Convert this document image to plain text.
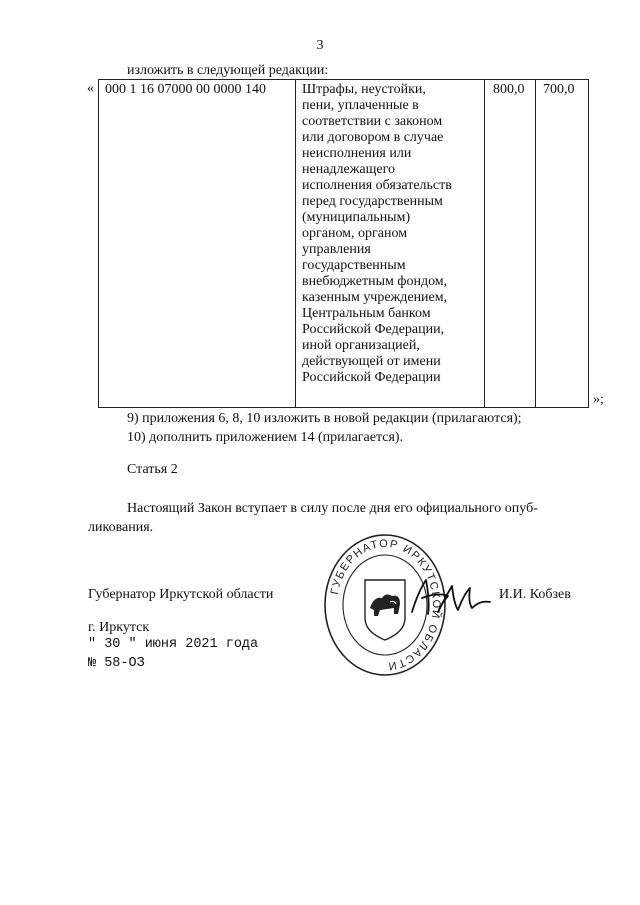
3
изложить в следующей редакции:
« 000 1 16 07000 00 0000 140	Штрафы, неустойки,
пени, уплаченные в
соответствии с законом
или договором в случае
неисполнения или
ненадлежащего
исполнения обязательств
перед государственным
(муниципальным)
органом, органом
управления
государственным
внебюджетным фондом,
казенным учреждением,
Центральным банком
Российской Федерации,
иной организацией,
действующей от имени
Российской Федерации
800,0 700,0
»;
9) приложения 6, 8, 10 изложить в новой редакции (прилагаются);
10) дополнить приложением 14 (прилагается).
Статья 2
Настоящий Закон вступает в силу после дня его официального опуб-
ликования.
ГУБЕРНАТОР ИРКУТСКОЙ ОБЛАСТИ
Губернатор Иркутской области	И.И. Кобзев
г. Иркутск
" 30 " июня 2021 года
№ 58-ОЗ
